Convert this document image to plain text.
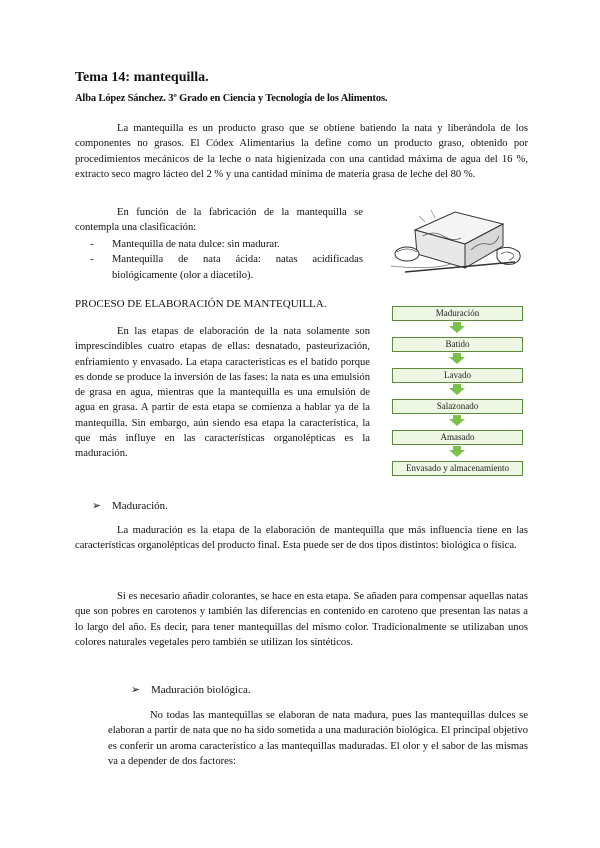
Tema 14: mantequilla.
Alba López Sánchez. 3º Grado en Ciencia y Tecnología de los Alimentos.

La mantequilla es un producto graso que se obtiene batiendo la nata y liberándola de los componentes no grasos. El Códex Alimentarius la define como un producto graso, obtenido por procedimientos mecánicos de la leche o nata higienizada con una cantidad máxima de agua del 16 %, extracto seco magro lácteo del 2 % y una cantidad mínima de materia grasa de leche del 80 %.

En función de la fabricación de la mantequilla se contempla una clasificación:

- Mantequilla de nata dulce: sin madurar.
- Mantequilla de nata ácida: natas acidificadas biológicamente (olor a diacetilo).
PROCESO DE ELABORACIÓN DE MANTEQUILLA.

En las etapas de elaboración de la nata solamente son imprescindibles cuatro etapas de ellas: desnatado, pasteurización, enfriamiento y envasado. La etapa características es el batido porque es donde se produce la inversión de las fases: la nata es una emulsión de grasa en agua, mientras que la mantequilla es una emulsión de agua en grasa. A partir de esta etapa se comienza a hablar ya de la mantequilla. Sin embargo, aún siendo esa etapa la característica, la que más influye en las características organolépticas es la maduración.

Maduración
Batido
Lavado
Salazonado
Amasado
Envasado y almacenamiento
➢ Maduración.

La maduración es la etapa de la elaboración de mantequilla que más influencia tiene en las características organolépticas del producto final. Esta puede ser de dos tipos distintos: biológica o física.

Si es necesario añadir colorantes, se hace en esta etapa. Se añaden para compensar aquellas natas que son pobres en carotenos y también las diferencias en contenido en caroteno que presentan las natas a lo largo del año. Es decir, para tener mantequillas del mismo color. Tradicionalmente se utilizaban unos colores naturales vegetales pero también se utilizan los sintéticos.

➢ Maduración biológica.

No todas las mantequillas se elaboran de nata madura, pues las mantequillas dulces se elaboran a partir de nata que no ha sido sometida a una maduración biológica. El principal objetivo es conferir un aroma característico a las mantequillas maduradas. El olor y el sabor de las mismas va a depender de dos factores:
